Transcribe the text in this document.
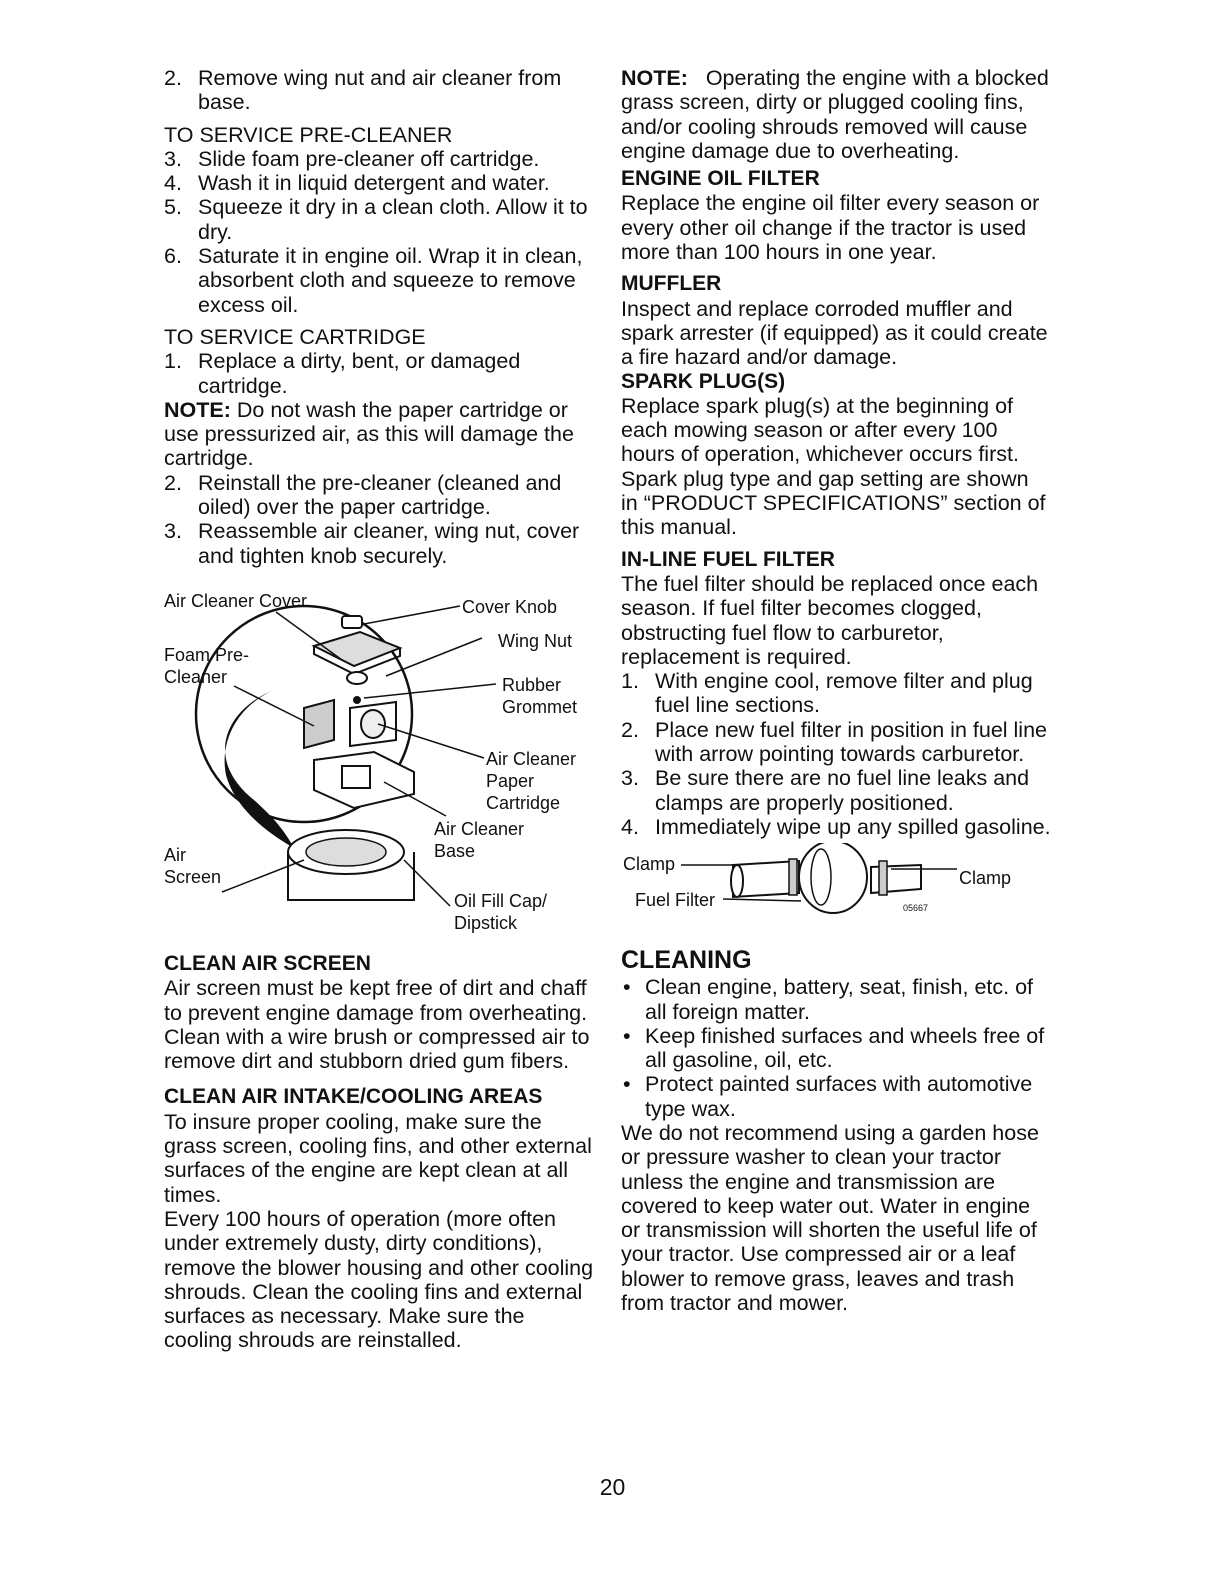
2. Remove wing nut and air cleaner from base.

TO SERVICE PRE-CLEANER

3. Slide foam pre-cleaner off cartridge.
4. Wash it in liquid detergent and water.
5. Squeeze it dry in a clean cloth. Allow it to dry.
6. Saturate it in engine oil. Wrap it in clean, absorbent cloth and squeeze to remove excess oil.

TO SERVICE CARTRIDGE

1. Replace a dirty, bent, or damaged cartridge.

NOTE: Do not wash the paper cartridge or use pressurized air, as this will damage the cartridge.

2. Reinstall the pre-cleaner (cleaned and oiled) over the paper cartridge.
3. Reassemble air cleaner, wing nut, cover and tighten knob securely.
Air Cleaner Cover	Cover Knob
Foam Pre-
Cleaner
Wing Nut
Rubber
Grommet
Air Cleaner
Paper
Cartridge
Air Cleaner
Base
Air
Screen
Oil Fill Cap/
Dipstick

CLEAN AIR SCREEN

Air screen must be kept free of dirt and chaff to prevent engine damage from overheating. Clean with a wire brush or compressed air to remove dirt and stubborn dried gum fibers.

CLEAN AIR INTAKE/COOLING AREAS

To insure proper cooling, make sure the grass screen, cooling fins, and other external surfaces of the engine are kept clean at all times.

Every 100 hours of operation (more often under extremely dusty, dirty conditions), remove the blower housing and other cooling shrouds. Clean the cooling fins and external surfaces as necessary. Make sure the cooling shrouds are reinstalled.

NOTE: Operating the engine with a blocked grass screen, dirty or plugged cooling fins, and/or cooling shrouds removed will cause engine damage due to overheating.

ENGINE OIL FILTER

Replace the engine oil filter every season or every other oil change if the tractor is used more than 100 hours in one year.

MUFFLER

Inspect and replace corroded muffler and spark arrester (if equipped) as it could create a fire hazard and/or damage.

SPARK PLUG(S)

Replace spark plug(s) at the beginning of each mowing season or after every 100 hours of operation, whichever occurs first. Spark plug type and gap setting are shown in “PRODUCT SPECIFICATIONS” section of this manual.

IN-LINE FUEL FILTER

The fuel filter should be replaced once each season. If fuel filter becomes clogged, obstructing fuel flow to carburetor, replacement is required.

1. With engine cool, remove filter and plug fuel line sections.
2. Place new fuel filter in position in fuel line with arrow pointing towards carburetor.
3. Be sure there are no fuel line leaks and clamps are properly positioned.
4. Immediately wipe up any spilled gasoline.
Clamp
Clamp
Fuel Filter	05667

CLEANING

• Clean engine, battery, seat, finish, etc. of all foreign matter.
• Keep finished surfaces and wheels free of all gasoline, oil, etc.
• Protect painted surfaces with automotive type wax.

We do not recommend using a garden hose or pressure washer to clean your tractor unless the engine and transmission are covered to keep water out. Water in engine or transmission will shorten the useful life of your tractor. Use compressed air or a leaf blower to remove grass, leaves and trash from tractor and mower.

20
